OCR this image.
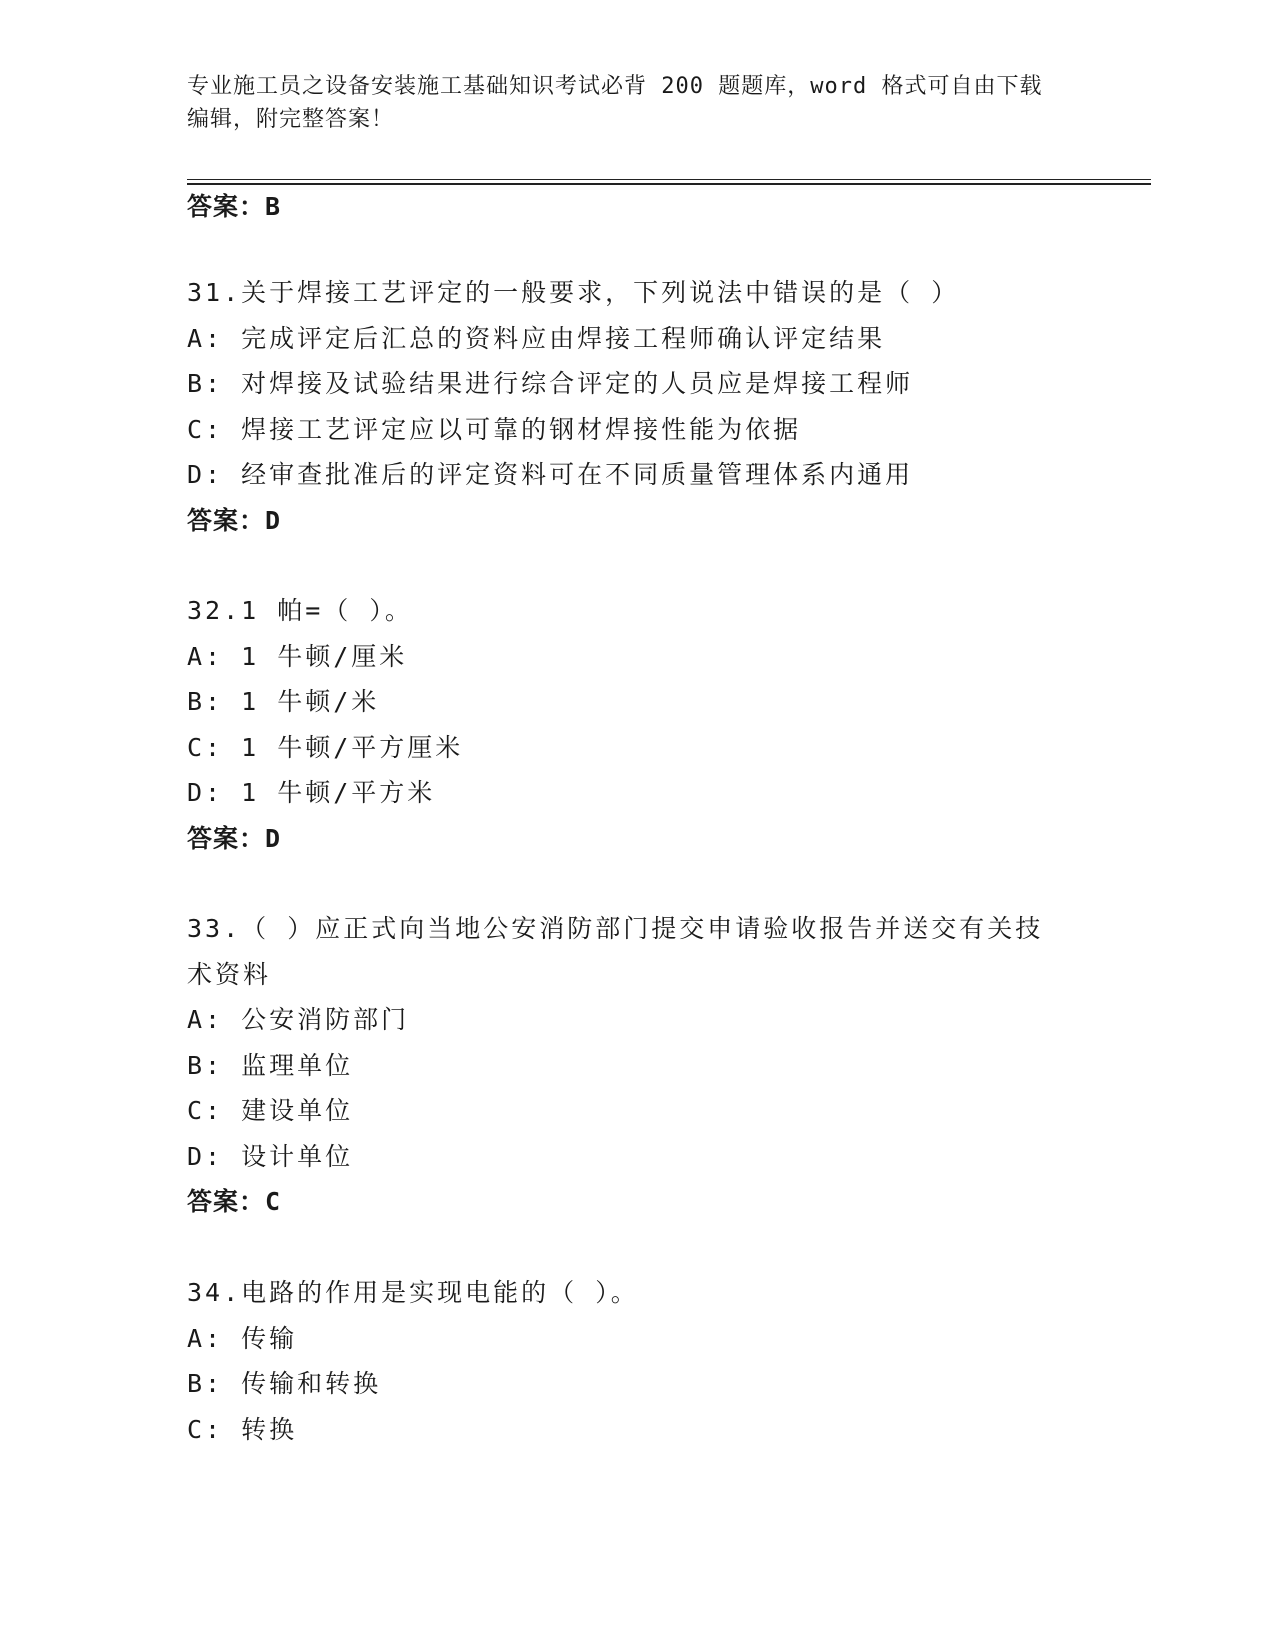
专业施工员之设备安装施工基础知识考试必背 200 题题库，word 格式可自由下载
编辑，附完整答案！
答案：B
31.关于焊接工艺评定的一般要求，下列说法中错误的是（ ）
A: 完成评定后汇总的资料应由焊接工程师确认评定结果
B: 对焊接及试验结果进行综合评定的人员应是焊接工程师
C: 焊接工艺评定应以可靠的钢材焊接性能为依据
D: 经审查批准后的评定资料可在不同质量管理体系内通用
答案：D
32.1 帕=（ ）。
A: 1 牛顿/厘米
B: 1 牛顿/米
C: 1 牛顿/平方厘米
D: 1 牛顿/平方米
答案：D
33.（ ）应正式向当地公安消防部门提交申请验收报告并送交有关技
术资料
A: 公安消防部门
B: 监理单位
C: 建设单位
D: 设计单位
答案：C
34.电路的作用是实现电能的（ ）。
A: 传输
B: 传输和转换
C: 转换
